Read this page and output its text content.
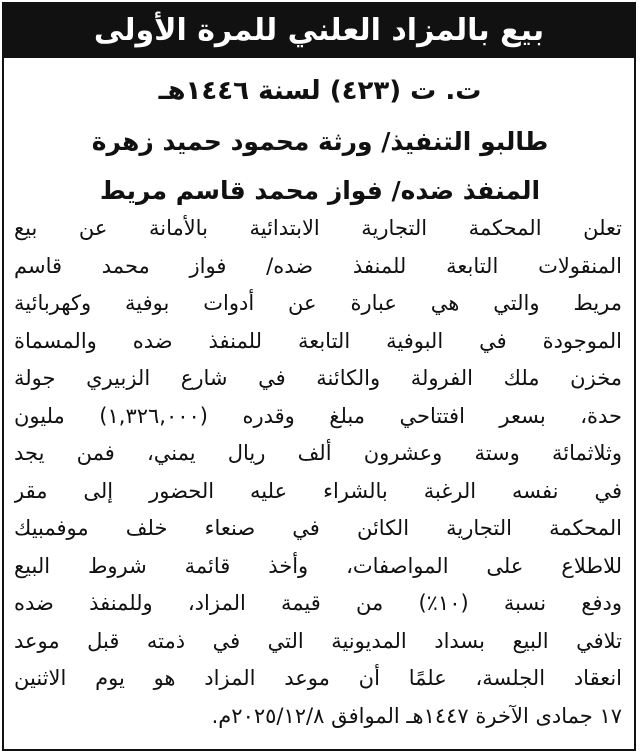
بيع بالمزاد العلني للمرة الأولى
ت. ت (٤٢٣) لسنة ١٤٤٦هـ
طالبو التنفيذ/ ورثة محمود حميد زهرة
المنفذ ضده/ فواز محمد قاسم مريط
تعلن المحكمة التجارية الابتدائية بالأمانة عن بيع
المنقولات التابعة للمنفذ ضده/ فواز محمد قاسم
مريط والتي هي عبارة عن أدوات بوفية وكهربائية
الموجودة في البوفية التابعة للمنفذ ضده والمسماة
مخزن ملك الفرولة والكائنة في شارع الزبيري جولة
حدة، بسعر افتتاحي مبلغ وقدره (١,٣٢٦,٠٠٠) مليون
وثلاثمائة وستة وعشرون ألف ريال يمني، فمن يجد
في نفسه الرغبة بالشراء عليه الحضور إلى مقر
المحكمة التجارية الكائن في صنعاء خلف موفمبيك
للاطلاع على المواصفات، وأخذ قائمة شروط البيع
ودفع نسبة (١٠٪) من قيمة المزاد، وللمنفذ ضده
تلافي البيع بسداد المديونية التي في ذمته قبل موعد
انعقاد الجلسة، علمًا أن موعد المزاد هو يوم الاثنين
١٧ جمادى الآخرة ١٤٤٧هـ الموافق ٢٠٢٥/١٢/٨م.
